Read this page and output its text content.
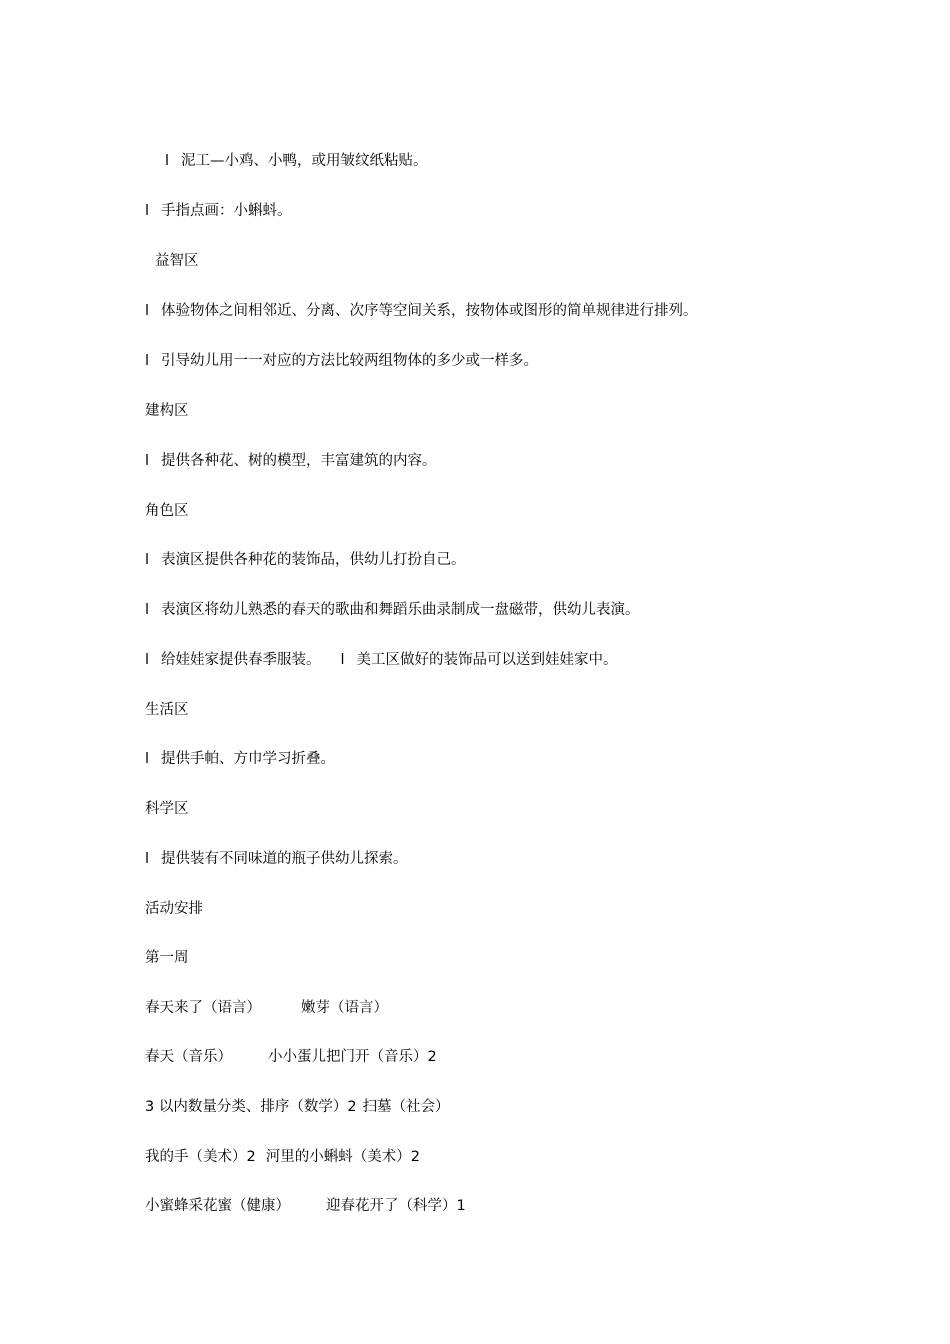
l 泥工—小鸡、小鸭，或用皱纹纸粘贴。
l 手指点画：小蝌蚪。
益智区
l 体验物体之间相邻近、分离、次序等空间关系，按物体或图形的简单规律进行排列。
l 引导幼儿用一一对应的方法比较两组物体的多少或一样多。
建构区
l 提供各种花、树的模型，丰富建筑的内容。
角色区
l 表演区提供各种花的装饰品，供幼儿打扮自己。
l 表演区将幼儿熟悉的春天的歌曲和舞蹈乐曲录制成一盘磁带，供幼儿表演。
l 给娃娃家提供春季服装。 l 美工区做好的装饰品可以送到娃娃家中。
生活区
l 提供手帕、方巾学习折叠。
科学区
l 提供装有不同味道的瓶子供幼儿探索。
活动安排
第一周
春天来了（语言）	嫩芽（语言）
春天（音乐） 小小蛋儿把门开（音乐）2
3 以内数量分类、排序（数学）2 扫墓（社会）
我的手（美术）2 河里的小蝌蚪（美术）2
小蜜蜂采花蜜（健康） 迎春花开了（科学）1
